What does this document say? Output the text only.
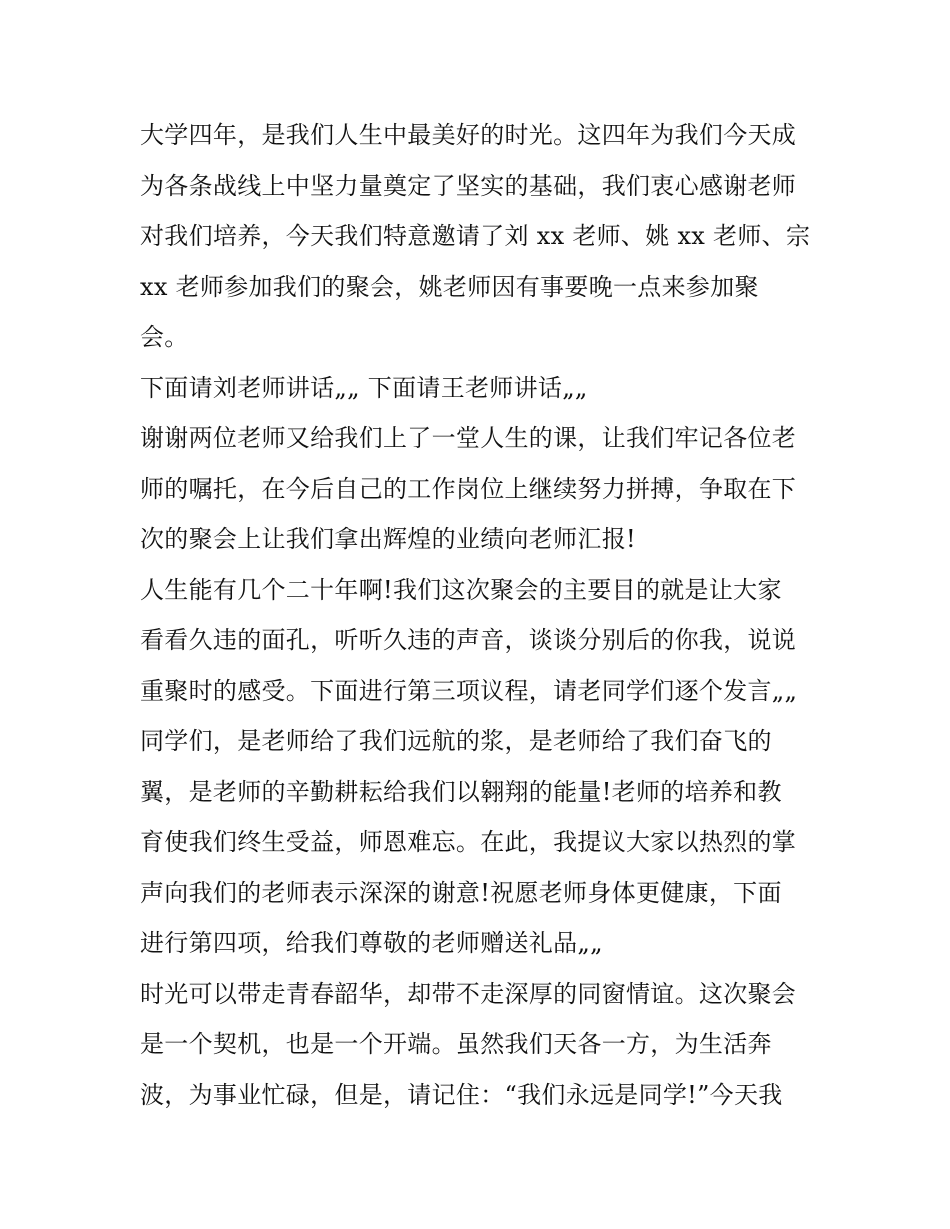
大学四年，是我们人生中最美好的时光。这四年为我们今天成
为各条战线上中坚力量奠定了坚实的基础，我们衷心感谢老师
对我们培养，今天我们特意邀请了刘 xx 老师、姚 xx 老师、宗
xx 老师参加我们的聚会，姚老师因有事要晚一点来参加聚
会。
下面请刘老师讲话„„ 下面请王老师讲话„„
谢谢两位老师又给我们上了一堂人生的课，让我们牢记各位老
师的嘱托，在今后自己的工作岗位上继续努力拼搏，争取在下
次的聚会上让我们拿出辉煌的业绩向老师汇报!
人生能有几个二十年啊!我们这次聚会的主要目的就是让大家
看看久违的面孔，听听久违的声音，谈谈分别后的你我，说说
重聚时的感受。下面进行第三项议程，请老同学们逐个发言„„
同学们，是老师给了我们远航的浆，是老师给了我们奋飞的
翼，是老师的辛勤耕耘给我们以翱翔的能量!老师的培养和教
育使我们终生受益，师恩难忘。在此，我提议大家以热烈的掌
声向我们的老师表示深深的谢意!祝愿老师身体更健康，下面
进行第四项，给我们尊敬的老师赠送礼品„„
时光可以带走青春韶华，却带不走深厚的同窗情谊。这次聚会
是一个契机，也是一个开端。虽然我们天各一方，为生活奔
波，为事业忙碌，但是，请记住：“我们永远是同学!”今天我
